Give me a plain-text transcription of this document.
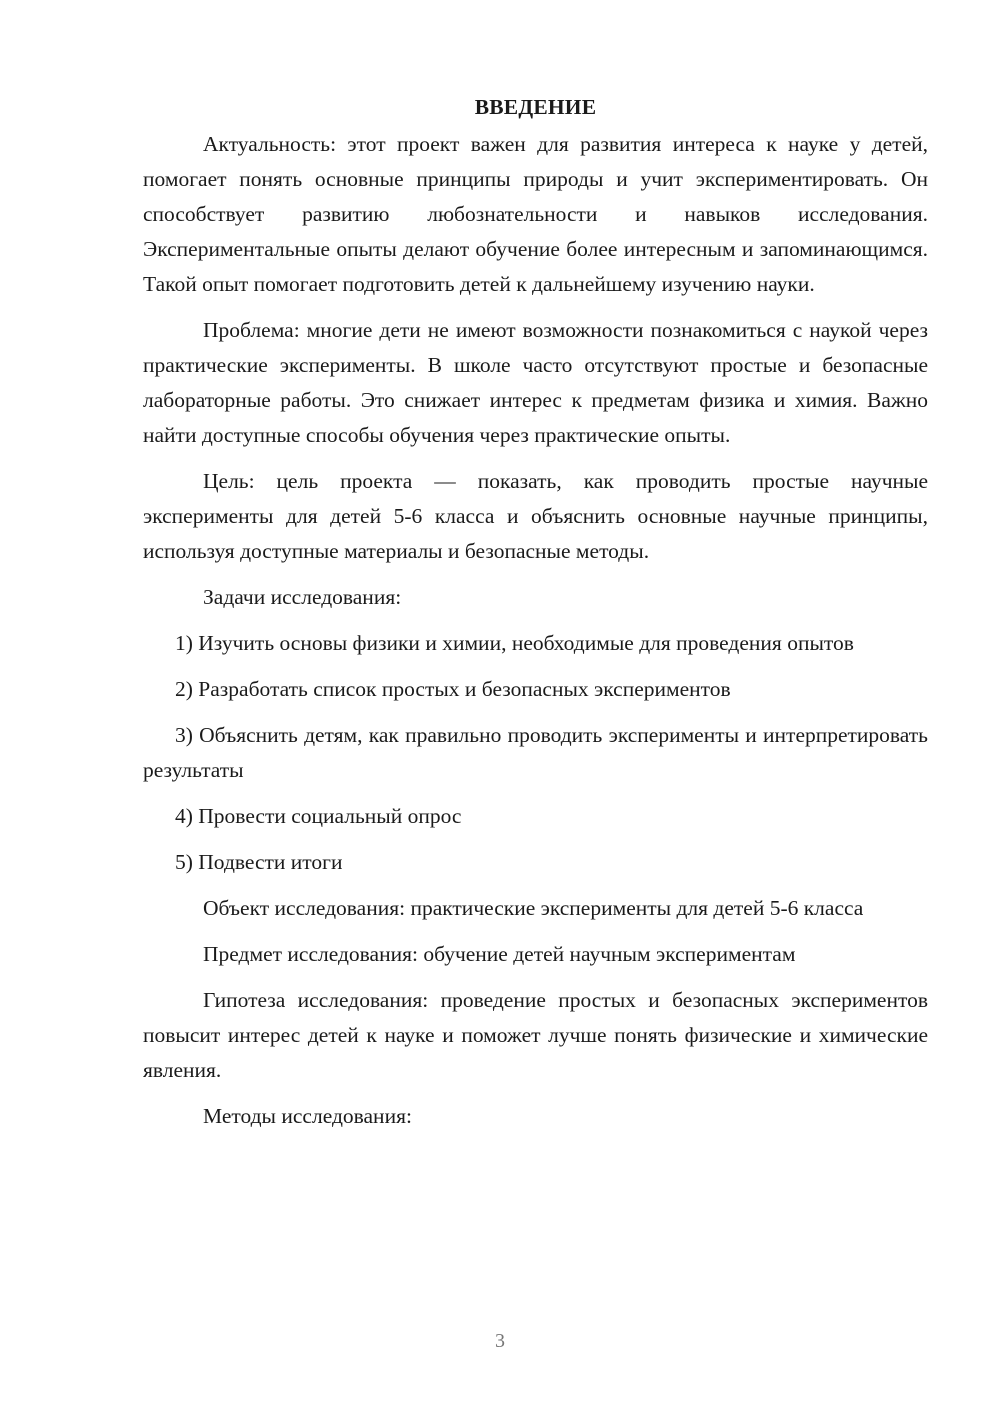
ВВЕДЕНИЕ

Актуальность: этот проект важен для развития интереса к науке у детей, помогает понять основные принципы природы и учит экспериментировать. Он способствует развитию любознательности и навыков исследования. Экспериментальные опыты делают обучение более интересным и запоминающимся. Такой опыт помогает подготовить детей к дальнейшему изучению науки.

Проблема: многие дети не имеют возможности познакомиться с наукой через практические эксперименты. В школе часто отсутствуют простые и безопасные лабораторные работы. Это снижает интерес к предметам физика и химия. Важно найти доступные способы обучения через практические опыты.

Цель: цель проекта — показать, как проводить простые научные эксперименты для детей 5-6 класса и объяснить основные научные принципы, используя доступные материалы и безопасные методы.

Задачи исследования:

1) Изучить основы физики и химии, необходимые для проведения опытов

2) Разработать список простых и безопасных экспериментов

3) Объяснить детям, как правильно проводить эксперименты и интерпретировать результаты

4) Провести социальный опрос

5) Подвести итоги

Объект исследования: практические эксперименты для детей 5-6 класса

Предмет исследования: обучение детей научным экспериментам

Гипотеза исследования: проведение простых и безопасных экспериментов повысит интерес детей к науке и поможет лучше понять физические и химические явления.

Методы исследования:

3
